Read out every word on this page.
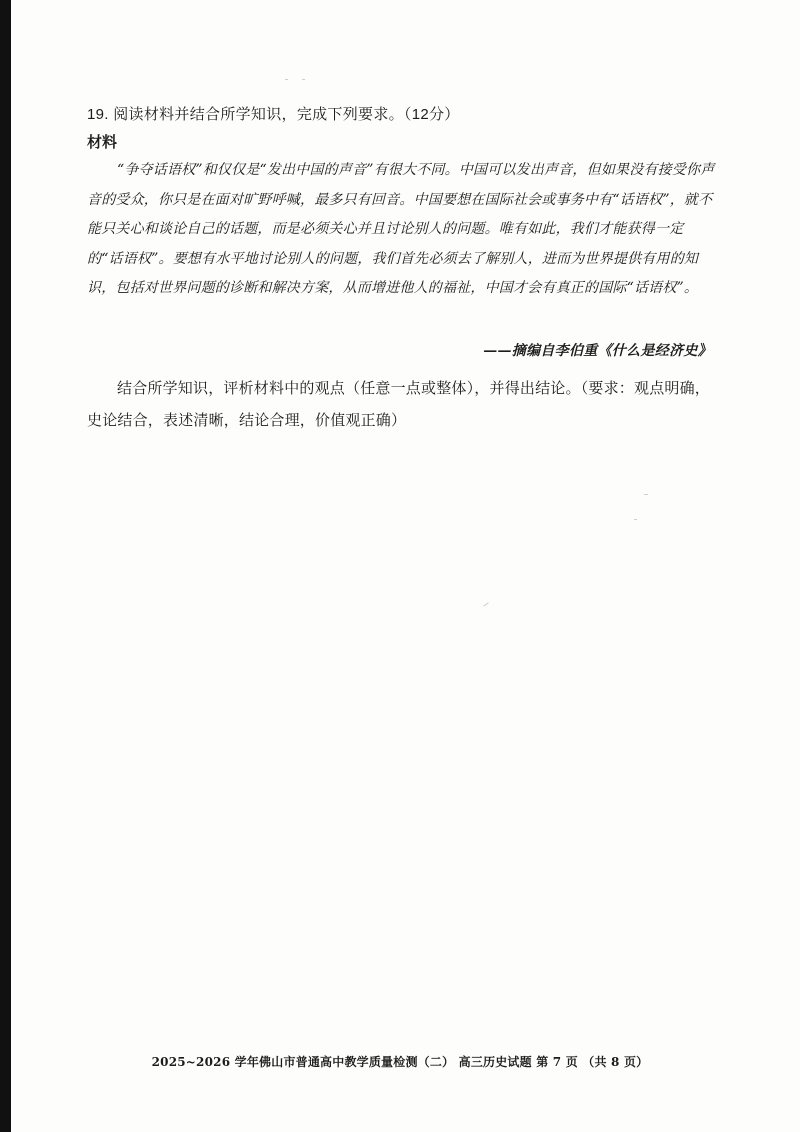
19. 阅读材料并结合所学知识，完成下列要求。（12分）
材料
“争夺话语权”和仅仅是“发出中国的声音”有很大不同。中国可以发出声音，但如果没有接受你声音的受众，你只是在面对旷野呼喊，最多只有回音。中国要想在国际社会或事务中有“话语权”，就不能只关心和谈论自己的话题，而是必须关心并且讨论别人的问题。唯有如此，我们才能获得一定的“话语权”。要想有水平地讨论别人的问题，我们首先必须去了解别人，进而为世界提供有用的知识，包括对世界问题的诊断和解决方案，从而增进他人的福祉，中国才会有真正的国际“话语权”。
——摘编自李伯重《什么是经济史》
结合所学知识，评析材料中的观点（任意一点或整体），并得出结论。（要求：观点明确，史论结合，表述清晰，结论合理，价值观正确）
2025~2026 学年佛山市普通高中教学质量检测（二） 高三历史试题 第 7 页 （共 8 页）
